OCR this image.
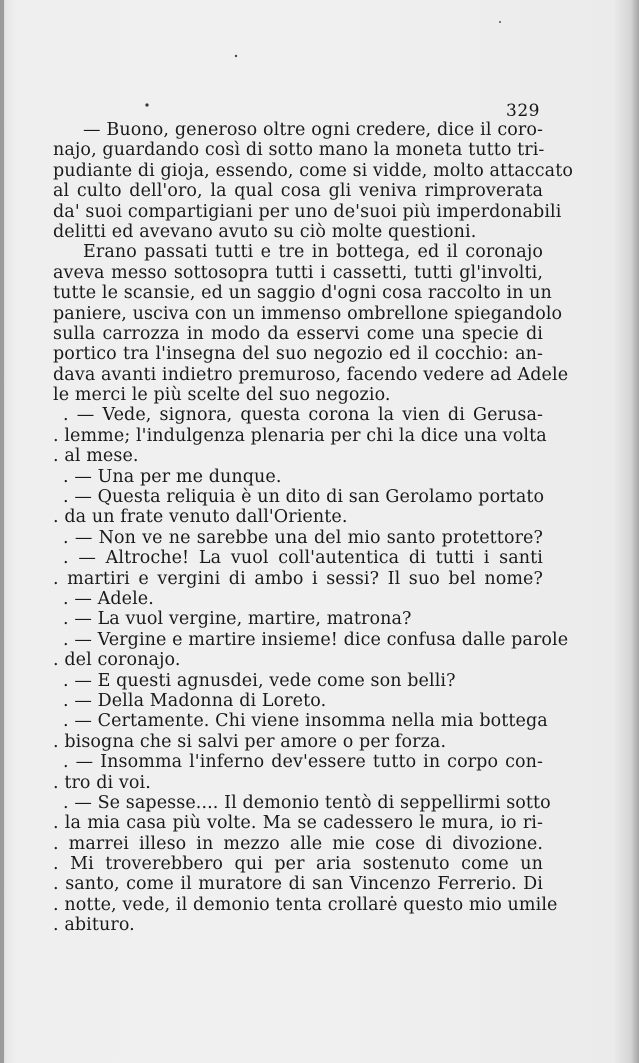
329
— Buono, generoso oltre ogni credere, dice il coro-
najo, guardando così di sotto mano la moneta tutto tri-
pudiante di gioja, essendo, come si vidde, molto attaccato
al culto dell'oro, la qual cosa gli veniva rimproverata
da' suoi compartigiani per uno de'suoi più imperdonabili
delitti ed avevano avuto su ciò molte questioni.
Erano passati tutti e tre in bottega, ed il coronajo
aveva messo sottosopra tutti i cassetti, tutti gl'involti,
tutte le scansie, ed un saggio d'ogni cosa raccolto in un
paniere, usciva con un immenso ombrellone spiegandolo
sulla carrozza in modo da esservi come una specie di
portico tra l'insegna del suo negozio ed il cocchio: an-
dava avanti indietro premuroso, facendo vedere ad Adele
le merci le più scelte del suo negozio.
. — Vede, signora, questa corona la vien di Gerusa-
. lemme; l'indulgenza plenaria per chi la dice una volta
. al mese.
. — Una per me dunque.
. — Questa reliquia è un dito di san Gerolamo portato
. da un frate venuto dall'Oriente.
. — Non ve ne sarebbe una del mio santo protettore?
. — Altroche! La vuol coll'autentica di tutti i santi
. martiri e vergini di ambo i sessi? Il suo bel nome?
. — Adele.
. — La vuol vergine, martire, matrona?
. — Vergine e martire insieme! dice confusa dalle parole
. del coronajo.
. — E questi agnusdei, vede come son belli?
. — Della Madonna di Loreto.
. — Certamente. Chi viene insomma nella mia bottega
. bisogna che si salvi per amore o per forza.
. — Insomma l'inferno dev'essere tutto in corpo con-
. tro di voi.
. — Se sapesse.... Il demonio tentò di seppellirmi sotto
. la mia casa più volte. Ma se cadessero le mura, io ri-
. marrei illeso in mezzo alle mie cose di divozione.
. Mi troverebbero qui per aria sostenuto come un
. santo, come il muratore di san Vincenzo Ferrerio. Di
. notte, vede, il demonio tenta crollare questo mio umile
. abituro.
